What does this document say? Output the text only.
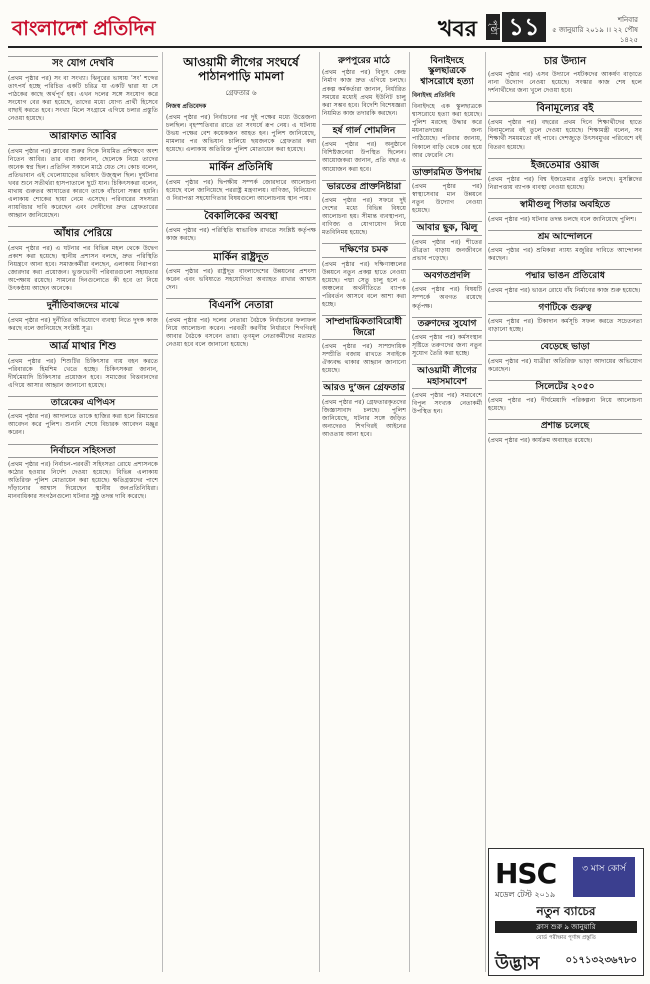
বাংলাদেশ প্রতিদিন	খবর পৃষ্ঠা ১১	শনিবার
৫ জানুয়ারি ২০১৯ ।। ২২ পৌষ ১৪২৫
সং যোগ দেখবি

(প্রথম পৃষ্ঠার পর) সং বা সংখ্যা। ঝিনুরের ভাষায় ‘সং’ শব্দের তাৎপর্য হচ্ছে পরিচিত একটি চরিত্র যা একটি দ্বারা যা সে পাঠকের কাছে অর্থপূর্ণ হয়। এখন দলের সঙ্গে সংযোগ করে সংযোগ বের করা হয়েছে, তাদের মধ্যে যোগ্য প্রার্থী হিসেবে বাছাই করতে হবে। সংখ্যা মিলে সংগ্রামে এগিয়ে চলার প্রস্তুতি নেওয়া হয়েছে।

আরাফাত আবির

(প্রথম পৃষ্ঠার পর) ক্লাবের শুরুর দিকে নিয়মিত প্রশিক্ষণে অংশ নিতেন আবির। তার বাবা জানান, ছেলেকে নিয়ে তাদের অনেক স্বপ্ন ছিল। প্রতিদিন সকালে মাঠে যেত সে। কোচ বলেন, প্রতিভাবান এই খেলোয়াড়ের ভবিষ্যৎ উজ্জ্বল ছিল। দুর্ঘটনার খবর শুনে সতীর্থরা হাসপাতালে ছুটে যান। চিকিৎসকরা বলেন, মাথায় গুরুতর আঘাতের কারণে তাকে বাঁচানো সম্ভব হয়নি। এলাকায় শোকের ছায়া নেমে এসেছে। পরিবারের সদস্যরা ন্যায়বিচার দাবি করেছেন এবং দোষীদের দ্রুত গ্রেফতারের আহ্বান জানিয়েছেন।

আঁধার পেরিয়ে

(প্রথম পৃষ্ঠার পর) এ ঘটনার পর বিভিন্ন মহল থেকে উদ্বেগ প্রকাশ করা হয়েছে। স্থানীয় প্রশাসন বলছে, দ্রুত পরিস্থিতি নিয়ন্ত্রণে আনা হবে। সমাজকর্মীরা বলছেন, এলাকায় নিরাপত্তা জোরদার করা প্রয়োজন। ভুক্তভোগী পরিবারগুলো সহায়তার অপেক্ষায় রয়েছে। সামনের দিনগুলোতে কী হবে তা নিয়ে উৎকণ্ঠায় আছেন অনেকে।

দুর্নীতিবাজদের মাঝে

(প্রথম পৃষ্ঠার পর) দুর্নীতির অভিযোগে ব্যবস্থা নিতে দুদক কাজ করছে বলে জানিয়েছে সংশ্লিষ্ট সূত্র।

আর্ত্র মাথার শিশু

(প্রথম পৃষ্ঠার পর) শিশুটির চিকিৎসার ব্যয় বহন করতে পরিবারকে হিমশিম খেতে হচ্ছে। চিকিৎসকরা জানান, দীর্ঘমেয়াদি চিকিৎসার প্রয়োজন হবে। সমাজের বিত্তবানদের এগিয়ে আসার আহ্বান জানানো হয়েছে।

তারেকের এপিএস

(প্রথম পৃষ্ঠার পর) আদালতে তাকে হাজির করা হলে রিমান্ডের আবেদন করে পুলিশ। শুনানি শেষে বিচারক আবেদন মঞ্জুর করেন।

নির্বাচনে সহিংসতা

(প্রথম পৃষ্ঠার পর) নির্বাচন-পরবর্তী সহিংসতা রোধে প্রশাসনকে কঠোর হওয়ার নির্দেশ দেওয়া হয়েছে। বিভিন্ন এলাকায় অতিরিক্ত পুলিশ মোতায়েন করা হয়েছে। ক্ষতিগ্রস্তদের পাশে দাঁড়ানোর আশ্বাস দিয়েছেন স্থানীয় জনপ্রতিনিধিরা। মানবাধিকার সংগঠনগুলো ঘটনার সুষ্ঠু তদন্ত দাবি করেছে।

আওয়ামী লীগের সংঘর্ষে পাঠানপাড়ি মামলা
গ্রেফতার ৬
নিজস্ব প্রতিবেদক

(প্রথম পৃষ্ঠার পর) নির্বাচনের পর দুই পক্ষের মধ্যে উত্তেজনা চলছিল। বৃহস্পতিবার রাতে তা সংঘর্ষে রূপ নেয়। এ ঘটনায় উভয় পক্ষের বেশ কয়েকজন আহত হন। পুলিশ জানিয়েছে, মামলার পর অভিযান চালিয়ে ছয়জনকে গ্রেফতার করা হয়েছে। এলাকায় অতিরিক্ত পুলিশ মোতায়েন করা হয়েছে।

মার্কিন প্রতিনিধি

(প্রথম পৃষ্ঠার পর) দ্বিপক্ষীয় সম্পর্ক জোরদারে আলোচনা হয়েছে বলে জানিয়েছে পররাষ্ট্র মন্ত্রণালয়। বাণিজ্য, বিনিয়োগ ও নিরাপত্তা সহযোগিতার বিষয়গুলো আলোচনায় স্থান পায়।

বৈকালিকের অবস্থা

(প্রথম পৃষ্ঠার পর) পরিস্থিতি স্বাভাবিক রাখতে সংশ্লিষ্ট কর্তৃপক্ষ কাজ করছে।

মার্কিন রাষ্ট্রদূত

(প্রথম পৃষ্ঠার পর) রাষ্ট্রদূত বাংলাদেশের উন্নয়নের প্রশংসা করেন এবং ভবিষ্যতে সহযোগিতা অব্যাহত রাখার আশ্বাস দেন।

বিএনপি নেতারা

(প্রথম পৃষ্ঠার পর) দলের নেতারা বৈঠকে নির্বাচনের ফলাফল নিয়ে আলোচনা করেন। পরবর্তী করণীয় নির্ধারণে শিগগিরই আবার বৈঠকে বসবেন তারা। তৃণমূল নেতাকর্মীদের মতামত নেওয়া হবে বলে জানানো হয়েছে।

রুপপুরের মাঠে

(প্রথম পৃষ্ঠার পর) বিদ্যুৎ কেন্দ্র নির্মাণ কাজ দ্রুত এগিয়ে চলছে। প্রকল্প কর্মকর্তারা জানান, নির্ধারিত সময়ের মধ্যেই প্রথম ইউনিট চালু করা সম্ভব হবে। বিদেশি বিশেষজ্ঞরা নিয়মিত কাজ তদারকি করছেন।

হর্ষ গার্ল শোমলিন

(প্রথম পৃষ্ঠার পর) অনুষ্ঠানে বিশিষ্টজনেরা উপস্থিত ছিলেন। আয়োজকরা জানান, প্রতি বছর এ আয়োজন করা হবে।

ভারতের প্রাক্তনিষ্টারা

(প্রথম পৃষ্ঠার পর) সফরে দুই দেশের মধ্যে বিভিন্ন বিষয়ে আলোচনা হয়। সীমান্ত ব্যবস্থাপনা, বাণিজ্য ও যোগাযোগ নিয়ে মতবিনিময় হয়েছে।

দক্ষিণের চমক

(প্রথম পৃষ্ঠার পর) দক্ষিণাঞ্চলের উন্নয়নে নতুন প্রকল্প হাতে নেওয়া হয়েছে। পদ্মা সেতু চালু হলে এ অঞ্চলের অর্থনীতিতে ব্যাপক পরিবর্তন আসবে বলে আশা করা হচ্ছে।

সাম্প্রদায়িকতাবিরোধী জিরো

(প্রথম পৃষ্ঠার পর) সাম্প্রদায়িক সম্প্রীতি বজায় রাখতে সবাইকে ঐক্যবদ্ধ থাকার আহ্বান জানানো হয়েছে।

আরও দু’জন গ্রেফতার

(প্রথম পৃষ্ঠার পর) গ্রেফতারকৃতদের জিজ্ঞাসাবাদ চলছে। পুলিশ জানিয়েছে, ঘটনার সঙ্গে জড়িত অন্যদেরও শিগগিরই আইনের আওতায় আনা হবে।

বিনাইদহে স্কুলছাত্রকে শ্বাসরোধে হত্যা
বিনাইদহ প্রতিনিধি

বিনাইদহে এক স্কুলছাত্রকে শ্বাসরোধে হত্যা করা হয়েছে। পুলিশ মরদেহ উদ্ধার করে ময়নাতদন্তের জন্য পাঠিয়েছে। পরিবার জানায়, বিকালে বাড়ি থেকে বের হয়ে আর ফেরেনি সে।

ডাক্তারমিত উপদায়

(প্রথম পৃষ্ঠার পর) স্বাস্থ্যসেবার মান উন্নয়নে নতুন উদ্যোগ নেওয়া হয়েছে।

আবার ছুক, ঝিলু

(প্রথম পৃষ্ঠার পর) শীতের তীব্রতা বাড়ায় জনজীবনে প্রভাব পড়েছে।

অবগতপ্রদলি

(প্রথম পৃষ্ঠার পর) বিষয়টি সম্পর্কে অবগত রয়েছে কর্তৃপক্ষ।

তরুণদের সুযোগ

(প্রথম পৃষ্ঠার পর) কর্মসংস্থান সৃষ্টিতে তরুণদের জন্য নতুন সুযোগ তৈরি করা হচ্ছে।

আওয়ামী লীগের মহাসমাবেশ

(প্রথম পৃষ্ঠার পর) সমাবেশে বিপুল সংখ্যক নেতাকর্মী উপস্থিত হন।

চার উদ্যান

(প্রথম পৃষ্ঠার পর) এসব উদ্যানে পর্যটকদের আকর্ষণ বাড়াতে নানা উদ্যোগ নেওয়া হয়েছে। সংস্কার কাজ শেষ হলে দর্শনার্থীদের জন্য খুলে দেওয়া হবে।

বিনামূল্যের বই

(প্রথম পৃষ্ঠার পর) বছরের প্রথম দিনে শিক্ষার্থীদের হাতে বিনামূল্যের বই তুলে দেওয়া হয়েছে। শিক্ষামন্ত্রী বলেন, সব শিক্ষার্থী সময়মতো বই পাবে। দেশজুড়ে উৎসবমুখর পরিবেশে বই বিতরণ হয়েছে।

ইজতেমার ওয়াজ

(প্রথম পৃষ্ঠার পর) বিশ্ব ইজতেমার প্রস্তুতি চলছে। মুসল্লিদের নিরাপত্তায় ব্যাপক ব্যবস্থা নেওয়া হয়েছে।

স্বামীগুলু পিতার অবহিতে

(প্রথম পৃষ্ঠার পর) ঘটনার তদন্ত চলছে বলে জানিয়েছে পুলিশ।

শ্রম আন্দোলনে

(প্রথম পৃষ্ঠার পর) শ্রমিকরা ন্যায্য মজুরির দাবিতে আন্দোলন করছেন।

পদ্মার ভাঙন প্রতিরোধ

(প্রথম পৃষ্ঠার পর) ভাঙন রোধে বাঁধ নির্মাণের কাজ শুরু হয়েছে।

গণটিকে গুরুত্ব

(প্রথম পৃষ্ঠার পর) টিকাদান কর্মসূচি সফল করতে সচেতনতা বাড়ানো হচ্ছে।

বেড়েছে ভাড়া

(প্রথম পৃষ্ঠার পর) যাত্রীরা অতিরিক্ত ভাড়া আদায়ের অভিযোগ করেছেন।

সিলেটের ২০৫০

(প্রথম পৃষ্ঠার পর) দীর্ঘমেয়াদি পরিকল্পনা নিয়ে আলোচনা হয়েছে।

প্রশান্ত চলেছে

(প্রথম পৃষ্ঠার পর) কার্যক্রম অব্যাহত রয়েছে।

HSC
মডেল টেস্ট ২০১৯
৩ মাস কোর্স
নতুন ব্যাচের
ক্লাস শুরু ৯ জানুয়ারি
বোর্ড পরীক্ষার পূর্ণাঙ্গ প্রস্তুতি
উদ্ভাস	০১৭১৩২৩৬৭৮০
